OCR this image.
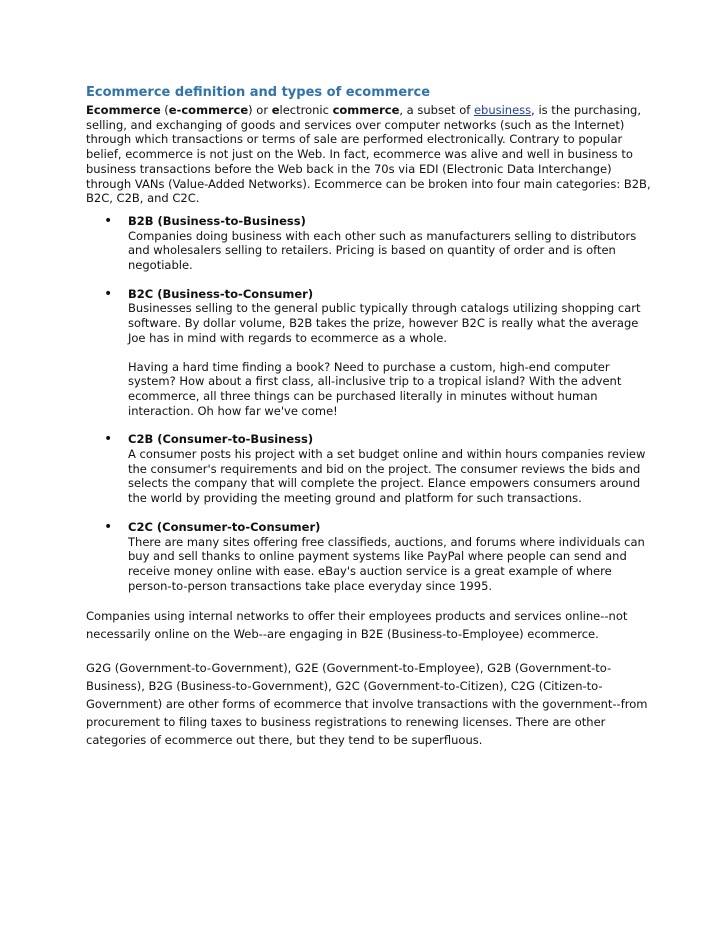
Ecommerce definition and types of ecommerce

Ecommerce (e-commerce) or electronic commerce, a subset of ebusiness, is the purchasing, selling, and exchanging of goods and services over computer networks (such as the Internet) through which transactions or terms of sale are performed electronically. Contrary to popular belief, ecommerce is not just on the Web. In fact, ecommerce was alive and well in business to business transactions before the Web back in the 70s via EDI (Electronic Data Interchange) through VANs (Value-Added Networks). Ecommerce can be broken into four main categories: B2B, B2C, C2B, and C2C.

• B2B (Business-to-Business)
Companies doing business with each other such as manufacturers selling to distributors and wholesalers selling to retailers. Pricing is based on quantity of order and is often negotiable.
• B2C (Business-to-Consumer)
Businesses selling to the general public typically through catalogs utilizing shopping cart software. By dollar volume, B2B takes the prize, however B2C is really what the average Joe has in mind with regards to ecommerce as a whole.
Having a hard time finding a book? Need to purchase a custom, high-end computer system? How about a first class, all-inclusive trip to a tropical island? With the advent ecommerce, all three things can be purchased literally in minutes without human interaction. Oh how far we've come!
• C2B (Consumer-to-Business)
A consumer posts his project with a set budget online and within hours companies review the consumer's requirements and bid on the project. The consumer reviews the bids and selects the company that will complete the project. Elance empowers consumers around the world by providing the meeting ground and platform for such transactions.
• C2C (Consumer-to-Consumer)
There are many sites offering free classifieds, auctions, and forums where individuals can buy and sell thanks to online payment systems like PayPal where people can send and receive money online with ease. eBay's auction service is a great example of where person-to-person transactions take place everyday since 1995.

Companies using internal networks to offer their employees products and services online--not necessarily online on the Web--are engaging in B2E (Business-to-Employee) ecommerce.

G2G (Government-to-Government), G2E (Government-to-Employee), G2B (Government-to-Business), B2G (Business-to-Government), G2C (Government-to-Citizen), C2G (Citizen-to-Government) are other forms of ecommerce that involve transactions with the government--from procurement to filing taxes to business registrations to renewing licenses. There are other categories of ecommerce out there, but they tend to be superfluous.
